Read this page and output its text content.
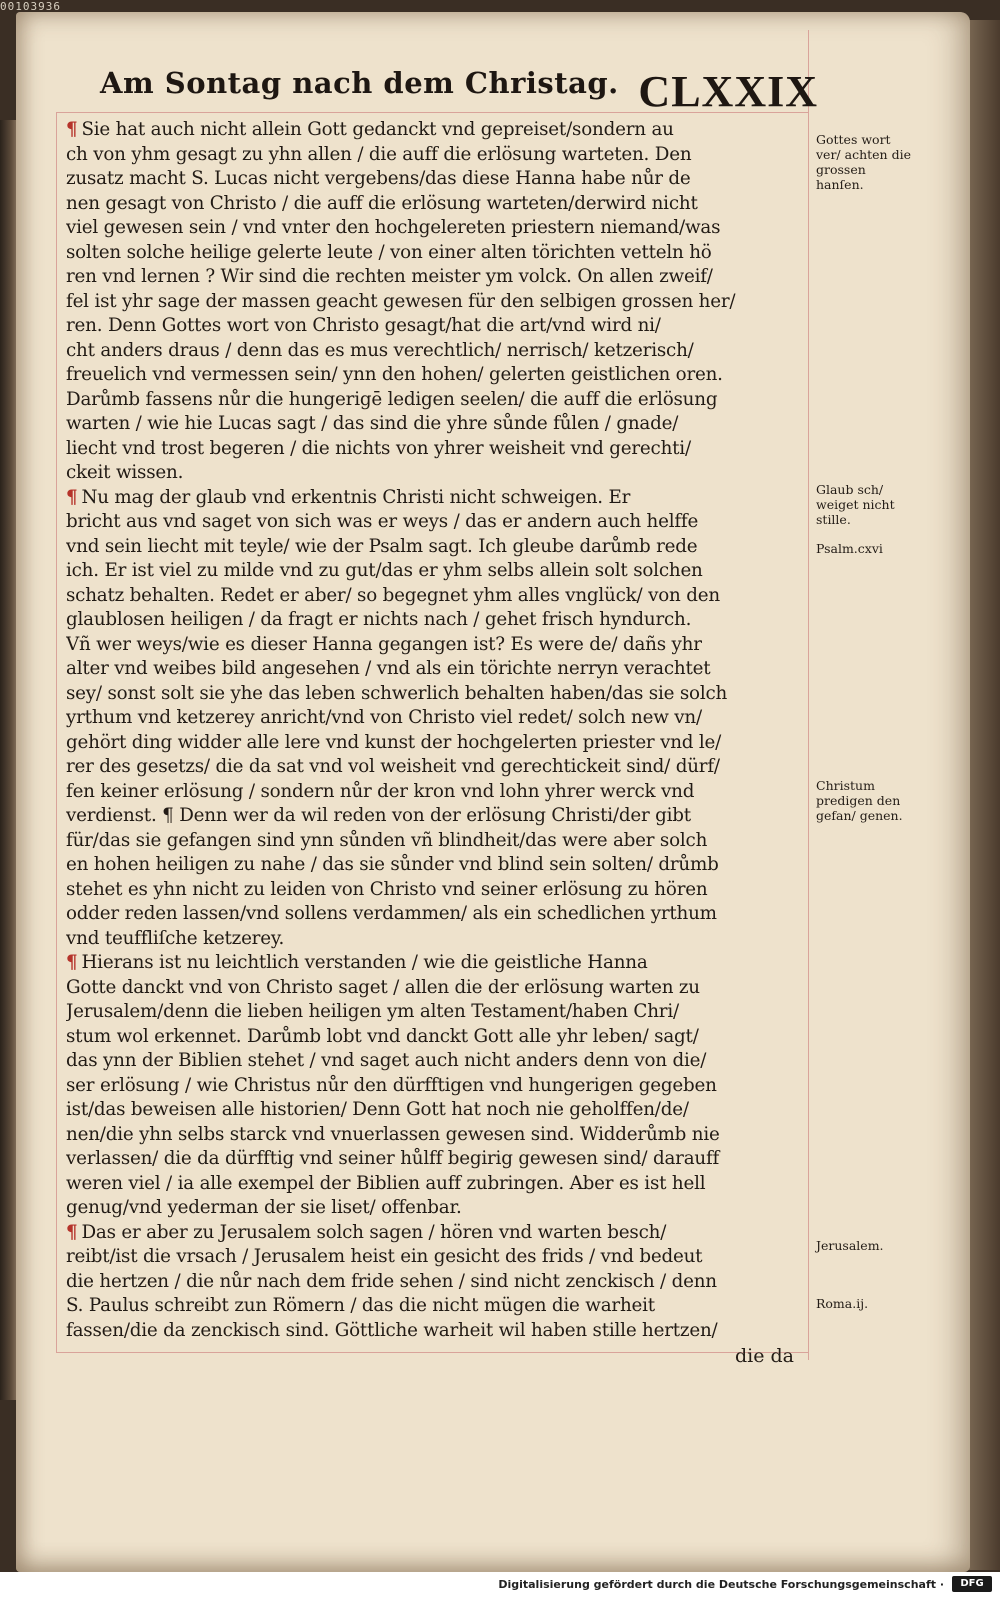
00103936
Am Sontag nach dem Christag. CLXXIX
¶ Sie hat auch nicht allein Gott gedanckt vnd gepreiset/sondern au
ch von yhm gesagt zu yhn allen / die auff die erlösung warteten. Den
zusatz macht S. Lucas nicht vergebens/das diese Hanna habe nůr de
nen gesagt von Christo / die auff die erlösung warteten/derwird nicht
viel gewesen sein / vnd vnter den hochgelereten priestern niemand/was
solten solche heilige gelerte leute / von einer alten törichten vetteln hö
ren vnd lernen ? Wir sind die rechten meister ym volck. On allen zweif/
fel ist yhr sage der massen geacht gewesen für den selbigen grossen her/
ren. Denn Gottes wort von Christo gesagt/hat die art/vnd wird ni/
cht anders draus / denn das es mus verechtlich/ nerrisch/ ketzerisch/
freuelich vnd vermessen sein/ ynn den hohen/ gelerten geistlichen oren.
Darůmb fassens nůr die hungerigē ledigen seelen/ die auff die erlösung
warten / wie hie Lucas sagt / das sind die yhre sůnde fůlen / gnade/
liecht vnd trost begeren / die nichts von yhrer weisheit vnd gerechti/
ckeit wissen.
¶ Nu mag der glaub vnd erkentnis Christi nicht schweigen. Er
bricht aus vnd saget von sich was er weys / das er andern auch helffe
vnd sein liecht mit teyle/ wie der Psalm sagt. Ich gleube darůmb rede
ich. Er ist viel zu milde vnd zu gut/das er yhm selbs allein solt solchen
schatz behalten. Redet er aber/ so begegnet yhm alles vnglück/ von den
glaublosen heiligen / da fragt er nichts nach / gehet frisch hyndurch.
Vñ wer weys/wie es dieser Hanna gegangen ist? Es were de/ dañs yhr
alter vnd weibes bild angesehen / vnd als ein törichte nerryn verachtet
sey/ sonst solt sie yhe das leben schwerlich behalten haben/das sie solch
yrthum vnd ketzerey anricht/vnd von Christo viel redet/ solch new vn/
gehört ding widder alle lere vnd kunst der hochgelerten priester vnd le/
rer des gesetzs/ die da sat vnd vol weisheit vnd gerechtickeit sind/ dürf/
fen keiner erlösung / sondern nůr der kron vnd lohn yhrer werck vnd
verdienst. ¶ Denn wer da wil reden von der erlösung Christi/der gibt
für/das sie gefangen sind ynn sůnden vñ blindheit/das were aber solch
en hohen heiligen zu nahe / das sie sůnder vnd blind sein solten/ drůmb
stehet es yhn nicht zu leiden von Christo vnd seiner erlösung zu hören
odder reden lassen/vnd sollens verdammen/ als ein schedlichen yrthum
vnd teuffliſche ketzerey.
¶ Hierans ist nu leichtlich verstanden / wie die geistliche Hanna
Gotte danckt vnd von Christo saget / allen die der erlösung warten zu
Jerusalem/denn die lieben heiligen ym alten Testament/haben Chri/
stum wol erkennet. Darůmb lobt vnd danckt Gott alle yhr leben/ sagt/
das ynn der Biblien stehet / vnd saget auch nicht anders denn von die/
ser erlösung / wie Christus nůr den dürfftigen vnd hungerigen gegeben
ist/das beweisen alle historien/ Denn Gott hat noch nie geholffen/de/
nen/die yhn selbs starck vnd vnuerlassen gewesen sind. Widderůmb nie
verlassen/ die da dürfftig vnd seiner hůlff begirig gewesen sind/ darauff
weren viel / ia alle exempel der Biblien auff zubringen. Aber es ist hell
genug/vnd yederman der sie liset/ offenbar.
¶ Das er aber zu Jerusalem solch sagen / hören vnd warten besch/
reibt/ist die vrsach / Jerusalem heist ein gesicht des frids / vnd bedeut
die hertzen / die nůr nach dem fride sehen / sind nicht zenckisch / denn
S. Paulus schreibt zun Römern / das die nicht mügen die warheit
fassen/die da zenckisch sind. Göttliche warheit wil haben stille hertzen/
die da
Gottes wort ver/ achten die grossen hanſen.
Glaub sch/ weiget nicht stille.
Psalm.cxvi
Christum predigen den gefan/ genen.
Jerusalem.
Roma.ij.
Digitalisierung gefördert durch die Deutsche Forschungsgemeinschaft ·	DFG
